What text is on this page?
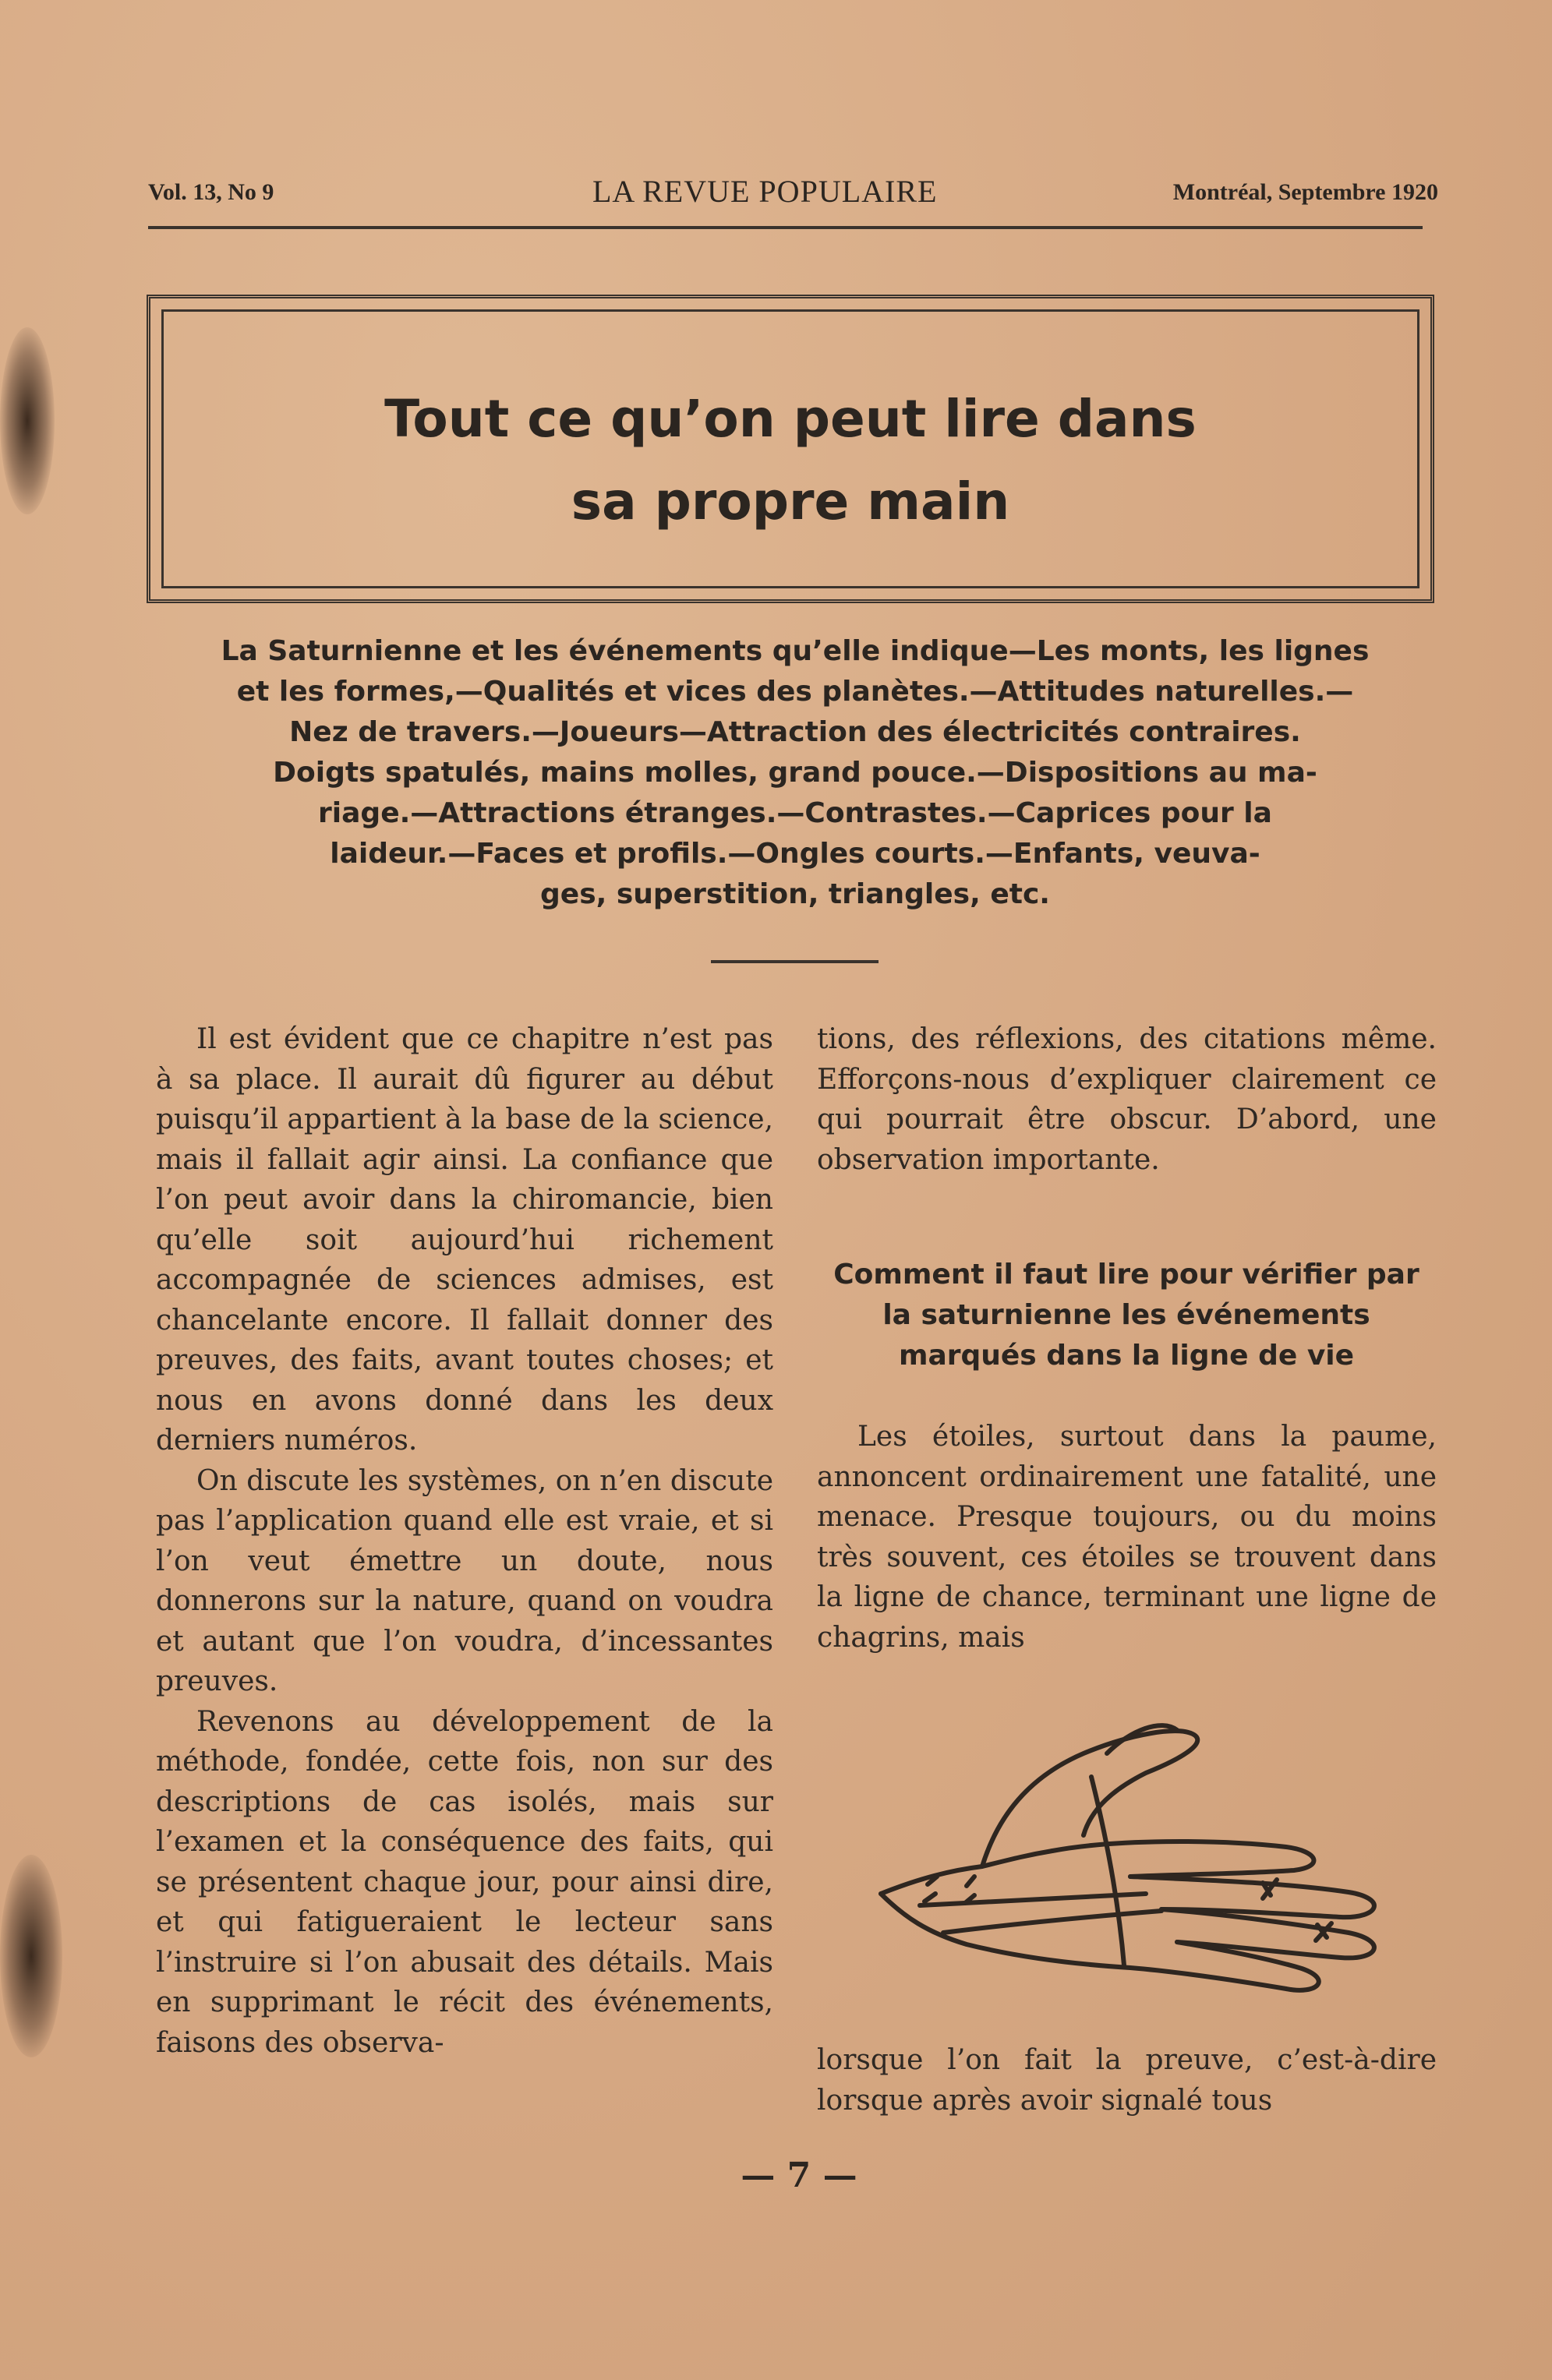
Vol. 13, No 9	LA REVUE POPULAIRE	Montréal, Septembre 1920
Tout ce qu’on peut lire dans
sa propre main
La Saturnienne et les événements qu’elle indique—Les monts, les lignes
et les formes,—Qualités et vices des planètes.—Attitudes naturelles.—
Nez de travers.—Joueurs—Attraction des électricités contraires.
Doigts spatulés, mains molles, grand pouce.—Dispositions au ma-
riage.—Attractions étranges.—Contrastes.—Caprices pour la
laideur.—Faces et profils.—Ongles courts.—Enfants, veuva-
ges, superstition, triangles, etc.

Il est évident que ce chapitre n’est pas à sa place. Il aurait dû figurer au début puisqu’il appartient à la base de la science, mais il fallait agir ainsi. La confiance que l’on peut avoir dans la chiromancie, bien qu’elle soit aujourd’hui richement accompagnée de sciences admises, est chancelante encore. Il fallait donner des preuves, des faits, avant toutes choses; et nous en avons donné dans les deux derniers numéros.

On discute les systèmes, on n’en discute pas l’application quand elle est vraie, et si l’on veut émettre un doute, nous donnerons sur la nature, quand on voudra et autant que l’on voudra, d’incessantes preuves.

Revenons au développement de la méthode, fondée, cette fois, non sur des descriptions de cas isolés, mais sur l’examen et la conséquence des faits, qui se présentent chaque jour, pour ainsi dire, et qui fatigueraient le lecteur sans l’instruire si l’on abusait des détails. Mais en supprimant le récit des événements, faisons des observa-

tions, des réflexions, des citations même. Efforçons-nous d’expliquer clairement ce qui pourrait être obscur. D’abord, une observation importante.

Comment il faut lire pour vérifier par
la saturnienne les événements
marqués dans la ligne de vie

Les étoiles, surtout dans la paume, annoncent ordinairement une fatalité, une menace. Presque toujours, ou du moins très souvent, ces étoiles se trouvent dans la ligne de chance, terminant une ligne de chagrins, mais

lorsque l’on fait la preuve, c’est-à-dire lorsque après avoir signalé tous

— 7 —
